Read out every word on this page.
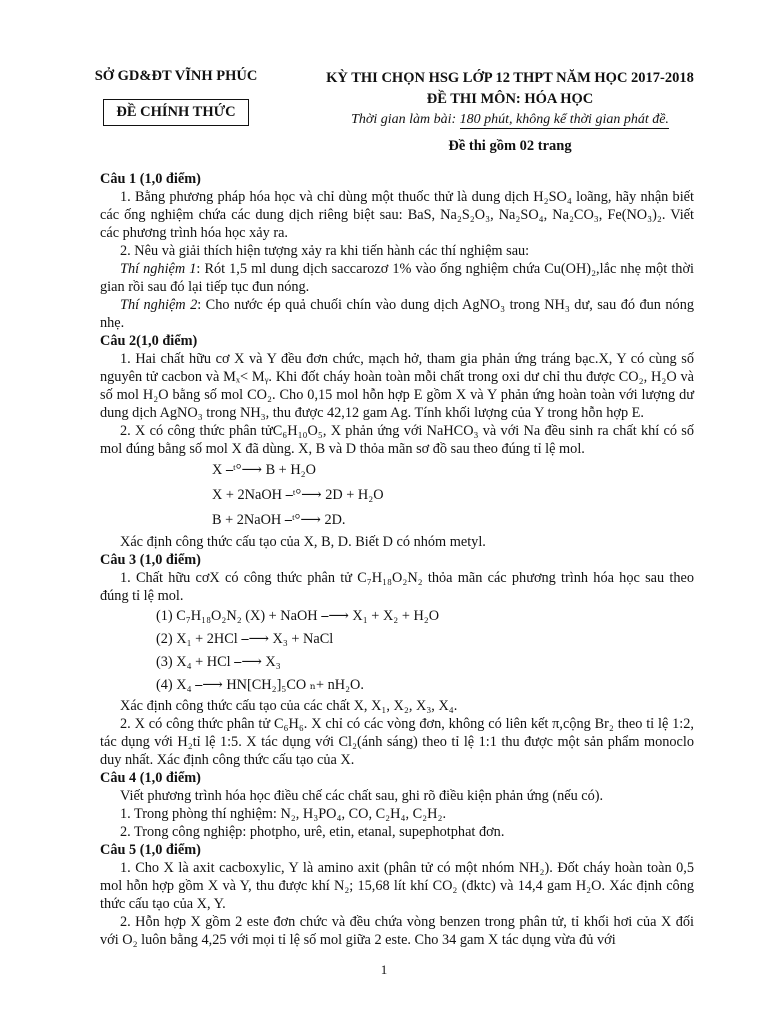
SỞ GD&ĐT VĨNH PHÚC
ĐỀ CHÍNH THỨC
KỲ THI CHỌN HSG LỚP 12 THPT NĂM HỌC 2017-2018
ĐỀ THI MÔN: HÓA HỌC
Thời gian làm bài: 180 phút, không kể thời gian phát đề.
Đề thi gồm 02 trang

Câu 1 (1,0 điểm)

1. Bằng phương pháp hóa học và chỉ dùng một thuốc thử là dung dịch H₂SO₄ loãng, hãy nhận biết các ống nghiệm chứa các dung dịch riêng biệt sau: BaS, Na₂S₂O₃, Na₂SO₄, Na₂CO₃, Fe(NO₃)₂. Viết các phương trình hóa học xảy ra.

2. Nêu và giải thích hiện tượng xảy ra khi tiến hành các thí nghiệm sau:

Thí nghiệm 1: Rót 1,5 ml dung dịch saccarozơ 1% vào ống nghiệm chứa Cu(OH)₂,lắc nhẹ một thời gian rồi sau đó lại tiếp tục đun nóng.

Thí nghiệm 2: Cho nước ép quả chuối chín vào dung dịch AgNO₃ trong NH₃ dư, sau đó đun nóng nhẹ.

Câu 2(1,0 điểm)

1. Hai chất hữu cơ X và Y đều đơn chức, mạch hở, tham gia phản ứng tráng bạc.X, Y có cùng số nguyên tử cacbon và Mₓ< Mᵧ. Khi đốt cháy hoàn toàn mỗi chất trong oxi dư chỉ thu được CO₂, H₂O và số mol H₂O bằng số mol CO₂. Cho 0,15 mol hỗn hợp E gồm X và Y phản ứng hoàn toàn với lượng dư dung dịch AgNO₃ trong NH₃, thu được 42,12 gam Ag. Tính khối lượng của Y trong hỗn hợp E.

2. X có công thức phân tửC₆H₁₀O₅, X phản ứng với NaHCO₃ và với Na đều sinh ra chất khí có số mol đúng bằng số mol X đã dùng. X, B và D thỏa mãn sơ đồ sau theo đúng tỉ lệ mol.

X ⎯ᵗ°⟶ B + H₂O

X + 2NaOH ⎯ᵗ°⟶ 2D + H₂O

B + 2NaOH ⎯ᵗ°⟶ 2D.

Xác định công thức cấu tạo của X, B, D. Biết D có nhóm metyl.

Câu 3 (1,0 điểm)

1. Chất hữu cơX có công thức phân tử C₇H₁₈O₂N₂ thỏa mãn các phương trình hóa học sau theo đúng tỉ lệ mol.

(1) C₇H₁₈O₂N₂ (X) + NaOH ⎯⟶ X₁ + X₂ + H₂O

(2) X₁ + 2HCl ⎯⟶ X₃ + NaCl

(3) X₄ + HCl ⎯⟶ X₃

(4) X₄ ⎯⟶ HN[CH₂]₅CO ₙ+ nH₂O.

Xác định công thức cấu tạo của các chất X, X₁, X₂, X₃, X₄.

2. X có công thức phân tử C₆H₆. X chỉ có các vòng đơn, không có liên kết π,cộng Br₂ theo tỉ lệ 1:2, tác dụng với H₂tỉ lệ 1:5. X tác dụng với Cl₂(ánh sáng) theo tỉ lệ 1:1 thu được một sản phẩm monoclo duy nhất. Xác định công thức cấu tạo của X.

Câu 4 (1,0 điểm)

Viết phương trình hóa học điều chế các chất sau, ghi rõ điều kiện phản ứng (nếu có).

1. Trong phòng thí nghiệm: N₂, H₃PO₄, CO, C₂H₄, C₂H₂.

2. Trong công nghiệp: photpho, urê, etin, etanal, supephotphat đơn.

Câu 5 (1,0 điểm)

1. Cho X là axit cacboxylic, Y là amino axit (phân tử có một nhóm NH₂). Đốt cháy hoàn toàn 0,5 mol hỗn hợp gồm X và Y, thu được khí N₂; 15,68 lít khí CO₂ (đktc) và 14,4 gam H₂O. Xác định công thức cấu tạo của X, Y.

2. Hỗn hợp X gồm 2 este đơn chức và đều chứa vòng benzen trong phân tử, tỉ khối hơi của X đối với O₂ luôn bằng 4,25 với mọi tỉ lệ số mol giữa 2 este. Cho 34 gam X tác dụng vừa đủ với

1
